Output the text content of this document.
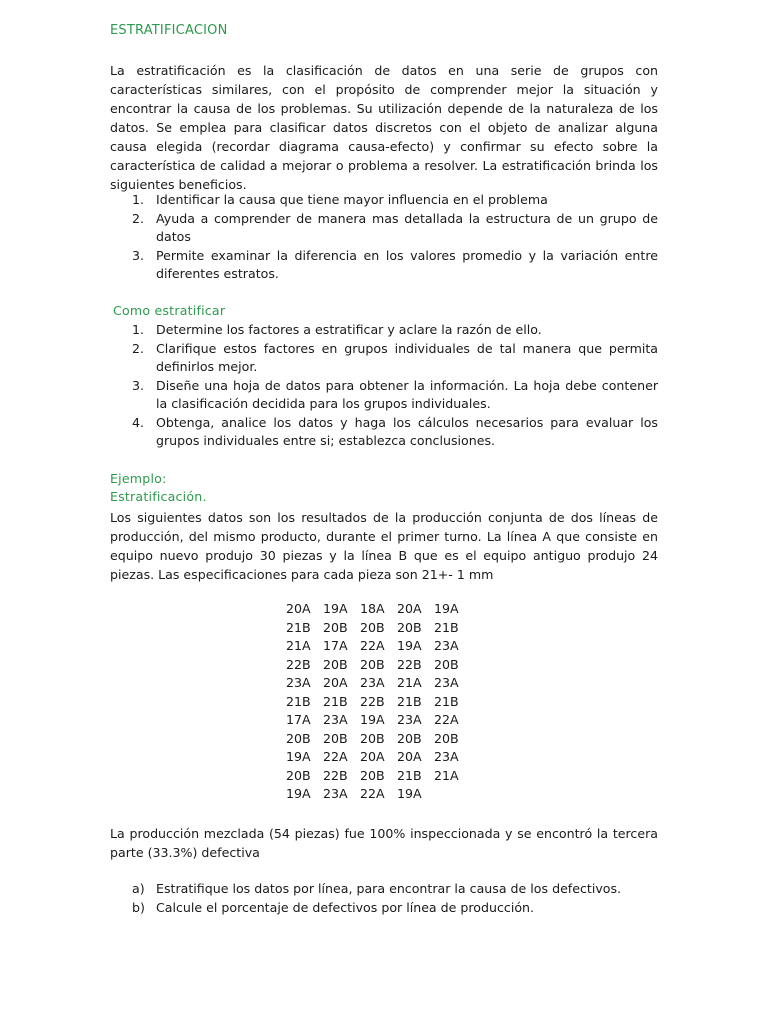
ESTRATIFICACION

La estratificación es la clasificación de datos en una serie de grupos con características similares, con el propósito de comprender mejor la situación y encontrar la causa de los problemas. Su utilización depende de la naturaleza de los datos. Se emplea para clasificar datos discretos con el objeto de analizar alguna causa elegida (recordar diagrama causa-efecto) y confirmar su efecto sobre la característica de calidad a mejorar o problema a resolver. La estratificación brinda los siguientes beneficios.

1. Identificar la causa que tiene mayor influencia en el problema
2. Ayuda a comprender de manera mas detallada la estructura de un grupo de datos
3. Permite examinar la diferencia en los valores promedio y la variación entre diferentes estratos.
Como estratificar
1. Determine los factores a estratificar y aclare la razón de ello.
2. Clarifique estos factores en grupos individuales de tal manera que permita definirlos mejor.
3. Diseñe una hoja de datos para obtener la información. La hoja debe contener la clasificación decidida para los grupos individuales.
4. Obtenga, analice los datos y haga los cálculos necesarios para evaluar los grupos individuales entre si; establezca conclusiones.
Ejemplo:
Estratificación.

Los siguientes datos son los resultados de la producción conjunta de dos líneas de producción, del mismo producto, durante el primer turno. La línea A que consiste en equipo nuevo produjo 30 piezas y la línea B que es el equipo antiguo produjo 24 piezas. Las especificaciones para cada pieza son 21+- 1 mm

20A 19A 18A 20A 19A
21B 20B 20B 20B 21B
21A 17A 22A 19A 23A
22B 20B 20B 22B 20B
23A 20A 23A 21A 23A
21B 21B 22B 21B 21B
17A 23A 19A 23A 22A
20B 20B 20B 20B 20B
19A 22A 20A 20A 23A
20B 22B 20B 21B 21A
19A 23A 22A 19A

La producción mezclada (54 piezas) fue 100% inspeccionada y se encontró la tercera parte (33.3%) defectiva

a) Estratifique los datos por línea, para encontrar la causa de los defectivos.
b) Calcule el porcentaje de defectivos por línea de producción.
